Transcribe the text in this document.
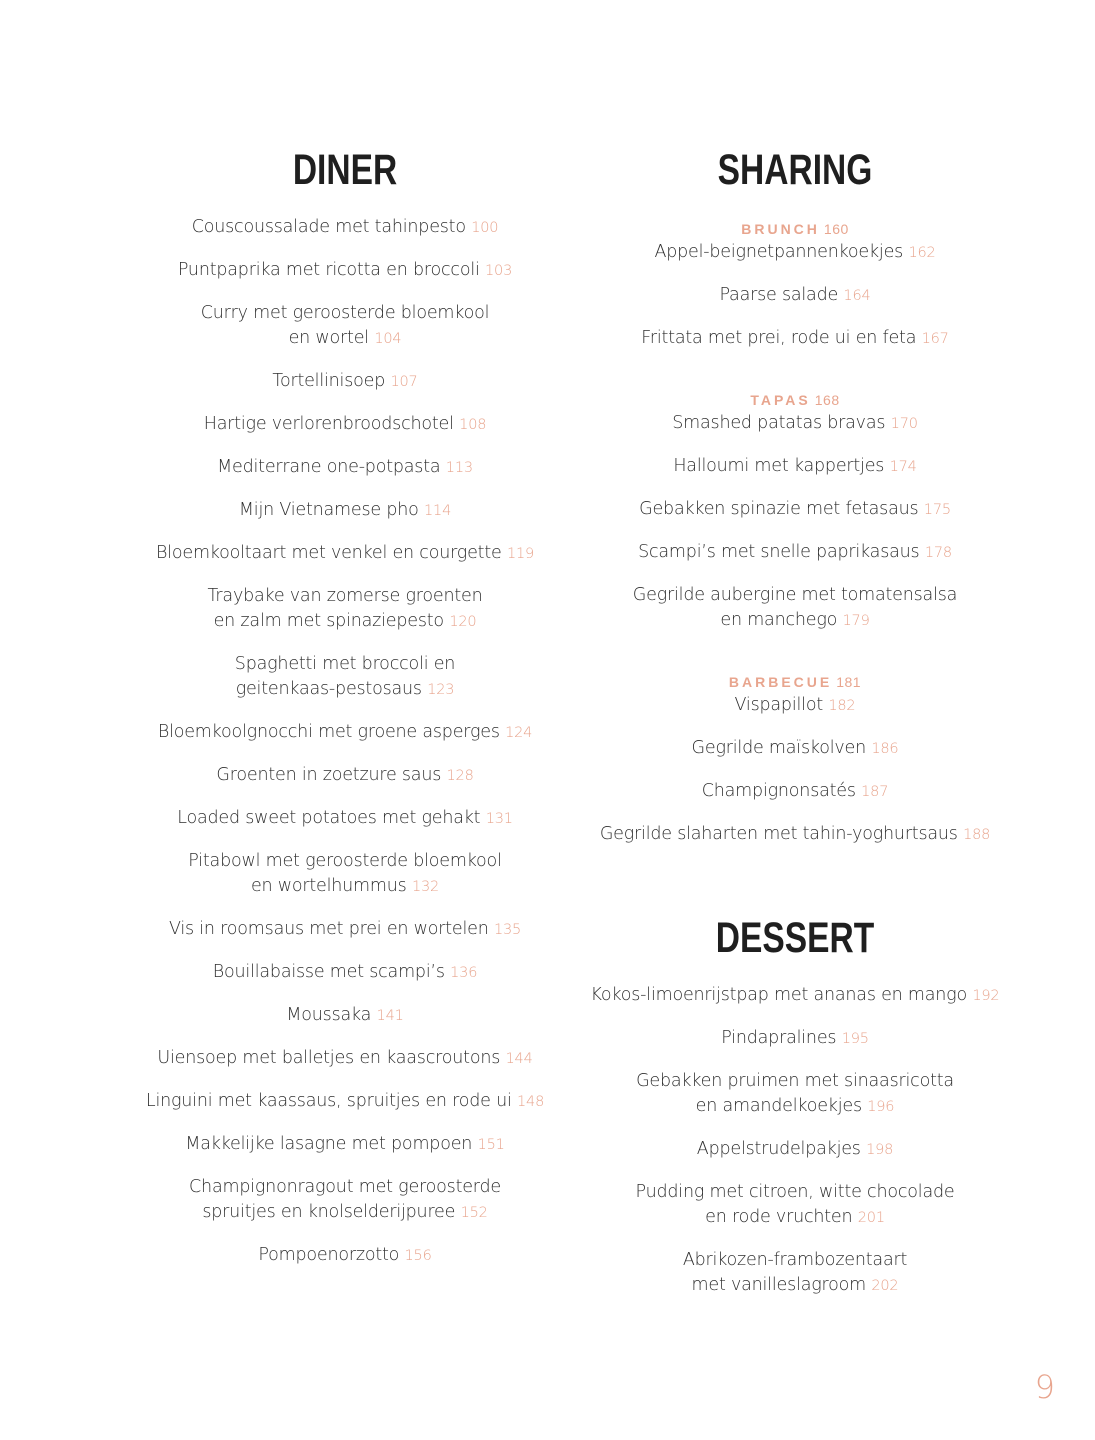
DINER
Couscoussalade met tahinpesto 100
Puntpaprika met ricotta en broccoli 103
Curry met geroosterde bloemkool
en wortel 104
Tortellinisoep 107
Hartige verlorenbroodschotel 108
Mediterrane one-potpasta 113
Mijn Vietnamese pho 114
Bloemkooltaart met venkel en courgette 119
Traybake van zomerse groenten
en zalm met spinaziepesto 120
Spaghetti met broccoli en
geitenkaas-pestosaus 123
Bloemkoolgnocchi met groene asperges 124
Groenten in zoetzure saus 128
Loaded sweet potatoes met gehakt 131
Pitabowl met geroosterde bloemkool
en wortelhummus 132
Vis in roomsaus met prei en wortelen 135
Bouillabaisse met scampi’s 136
Moussaka 141
Uiensoep met balletjes en kaascroutons 144
Linguini met kaassaus, spruitjes en rode ui 148
Makkelijke lasagne met pompoen 151
Champignonragout met geroosterde
spruitjes en knolselderijpuree 152
Pompoenorzotto 156
SHARING
BRUNCH 160
Appel-beignetpannenkoekjes 162
Paarse salade 164
Frittata met prei, rode ui en feta 167
TAPAS 168
Smashed patatas bravas 170
Halloumi met kappertjes 174
Gebakken spinazie met fetasaus 175
Scampi’s met snelle paprikasaus 178
Gegrilde aubergine met tomatensalsa
en manchego 179
BARBECUE 181
Vispapillot 182
Gegrilde maïskolven 186
Champignonsatés 187
Gegrilde slaharten met tahin-yoghurtsaus 188
DESSERT
Kokos-limoenrijstpap met ananas en mango 192
Pindapralines 195
Gebakken pruimen met sinaasricotta
en amandelkoekjes 196
Appelstrudelpakjes 198
Pudding met citroen, witte chocolade
en rode vruchten 201
Abrikozen-frambozentaart
met vanilleslagroom 202
9
